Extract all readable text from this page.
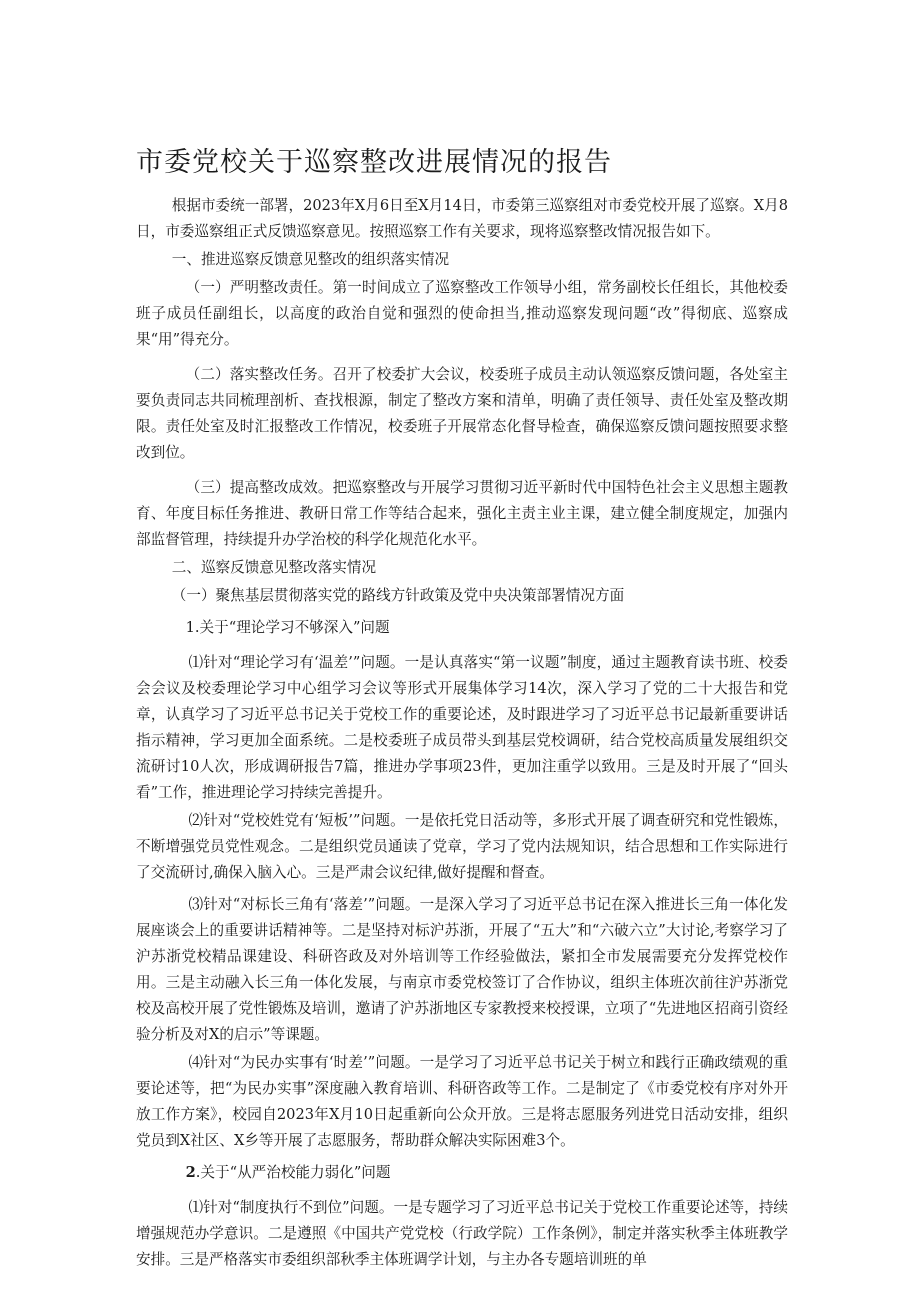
市委党校关于巡察整改进展情况的报告

根据市委统一部署，2023年X月6日至X月14日，市委第三巡察组对市委党校开展了巡察。X月8日，市委巡察组正式反馈巡察意见。按照巡察工作有关要求，现将巡察整改情况报告如下。

一、推进巡察反馈意见整改的组织落实情况

（一）严明整改责任。第一时间成立了巡察整改工作领导小组，常务副校长任组长，其他校委班子成员任副组长，以高度的政治自觉和强烈的使命担当,推动巡察发现问题“改”得彻底、巡察成果“用”得充分。

（二）落实整改任务。召开了校委扩大会议，校委班子成员主动认领巡察反馈问题，各处室主要负责同志共同梳理剖析、查找根源，制定了整改方案和清单，明确了责任领导、责任处室及整改期限。责任处室及时汇报整改工作情况，校委班子开展常态化督导检查，确保巡察反馈问题按照要求整改到位。

（三）提高整改成效。把巡察整改与开展学习贯彻习近平新时代中国特色社会主义思想主题教育、年度目标任务推进、教研日常工作等结合起来，强化主责主业主课，建立健全制度规定，加强内部监督管理，持续提升办学治校的科学化规范化水平。

二、巡察反馈意见整改落实情况

（一）聚焦基层贯彻落实党的路线方针政策及党中央决策部署情况方面

1.关于“理论学习不够深入”问题

⑴针对“理论学习有‘温差’”问题。一是认真落实“第一议题”制度，通过主题教育读书班、校委会会议及校委理论学习中心组学习会议等形式开展集体学习14次，深入学习了党的二十大报告和党章，认真学习了习近平总书记关于党校工作的重要论述，及时跟进学习了习近平总书记最新重要讲话指示精神，学习更加全面系统。二是校委班子成员带头到基层党校调研，结合党校高质量发展组织交流研讨10人次，形成调研报告7篇，推进办学事项23件，更加注重学以致用。三是及时开展了“回头看”工作，推进理论学习持续完善提升。

⑵针对“党校姓党有‘短板’”问题。一是依托党日活动等，多形式开展了调查研究和党性锻炼，不断增强党员党性观念。二是组织党员通读了党章，学习了党内法规知识，结合思想和工作实际进行了交流研讨,确保入脑入心。三是严肃会议纪律,做好提醒和督查。

⑶针对“对标长三角有‘落差’”问题。一是深入学习了习近平总书记在深入推进长三角一体化发展座谈会上的重要讲话精神等。二是坚持对标沪苏浙，开展了“五大”和“六破六立”大讨论,考察学习了沪苏浙党校精品课建设、科研咨政及对外培训等工作经验做法，紧扣全市发展需要充分发挥党校作用。三是主动融入长三角一体化发展，与南京市委党校签订了合作协议，组织主体班次前往沪苏浙党校及高校开展了党性锻炼及培训，邀请了沪苏浙地区专家教授来校授课，立项了“先进地区招商引资经验分析及对X的启示”等课题。

⑷针对“为民办实事有‘时差’”问题。一是学习了习近平总书记关于树立和践行正确政绩观的重要论述等，把“为民办实事”深度融入教育培训、科研咨政等工作。二是制定了《市委党校有序对外开放工作方案》，校园自2023年X月10日起重新向公众开放。三是将志愿服务列进党日活动安排，组织党员到X社区、X乡等开展了志愿服务，帮助群众解决实际困难3个。

2.关于“从严治校能力弱化”问题

⑴针对“制度执行不到位”问题。一是专题学习了习近平总书记关于党校工作重要论述等，持续增强规范办学意识。二是遵照《中国共产党党校（行政学院）工作条例》，制定并落实秋季主体班教学安排。三是严格落实市委组织部秋季主体班调学计划，与主办各专题培训班的单
